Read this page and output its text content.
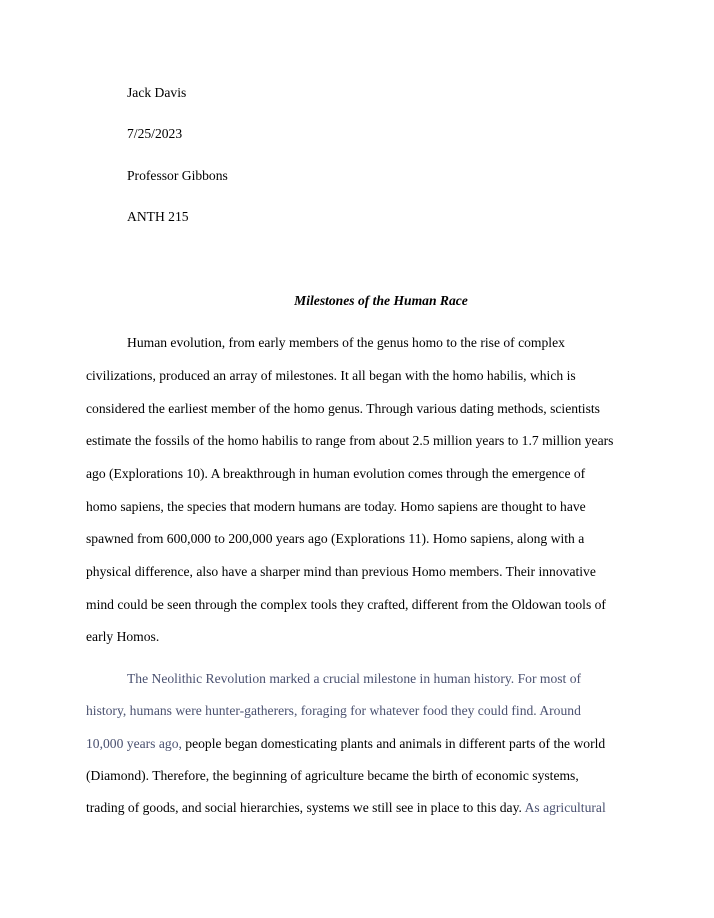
Jack Davis
7/25/2023
Professor Gibbons
ANTH 215
Milestones of the Human Race
Human evolution, from early members of the genus homo to the rise of complex
civilizations, produced an array of milestones. It all began with the homo habilis, which is
considered the earliest member of the homo genus. Through various dating methods, scientists
estimate the fossils of the homo habilis to range from about 2.5 million years to 1.7 million years
ago (Explorations 10). A breakthrough in human evolution comes through the emergence of
homo sapiens, the species that modern humans are today. Homo sapiens are thought to have
spawned from 600,000 to 200,000 years ago (Explorations 11). Homo sapiens, along with a
physical difference, also have a sharper mind than previous Homo members. Their innovative
mind could be seen through the complex tools they crafted, different from the Oldowan tools of
early Homos.
The Neolithic Revolution marked a crucial milestone in human history. For most of
history, humans were hunter-gatherers, foraging for whatever food they could find. Around
10,000 years ago, people began domesticating plants and animals in different parts of the world
(Diamond). Therefore, the beginning of agriculture became the birth of economic systems,
trading of goods, and social hierarchies, systems we still see in place to this day. As agricultural
